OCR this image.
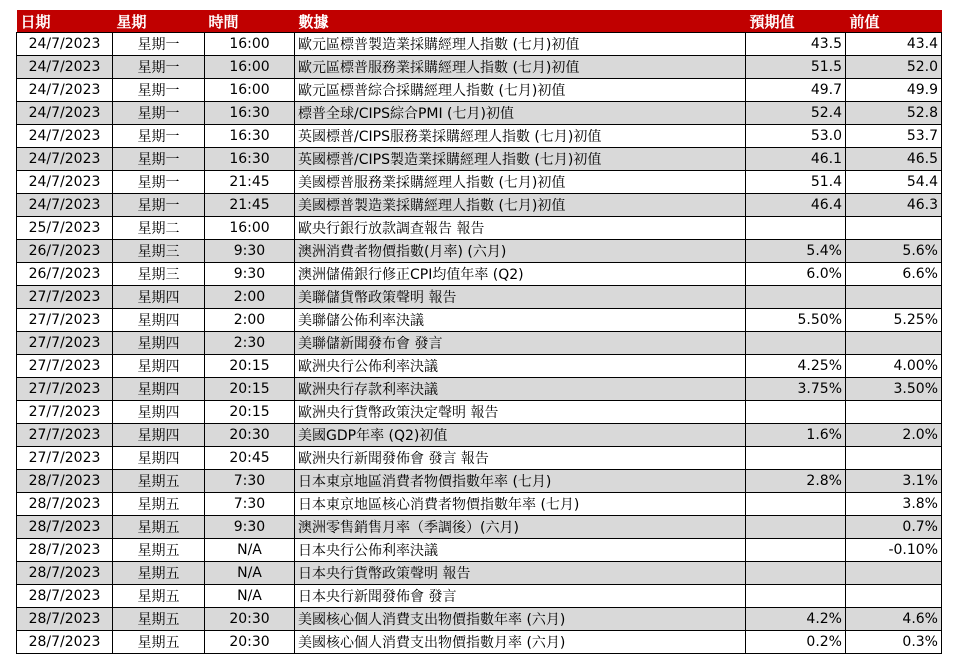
日期	星期	時間	數據	預期值	前值
24/7/2023	星期一	16:00	歐元區標普製造業採購經理人指數 (七月)初值	43.5	43.4
24/7/2023	星期一	16:00	歐元區標普服務業採購經理人指數 (七月)初值	51.5	52.0
24/7/2023	星期一	16:00	歐元區標普綜合採購經理人指數 (七月)初值	49.7	49.9
24/7/2023	星期一	16:30	標普全球/CIPS綜合PMI (七月)初值	52.4	52.8
24/7/2023	星期一	16:30	英國標普/CIPS服務業採購經理人指數 (七月)初值	53.0	53.7
24/7/2023	星期一	16:30	英國標普/CIPS製造業採購經理人指數 (七月)初值	46.1	46.5
24/7/2023	星期一	21:45	美國標普服務業採購經理人指數 (七月)初值	51.4	54.4
24/7/2023	星期一	21:45	美國標普製造業採購經理人指數 (七月)初值	46.4	46.3
25/7/2023	星期二	16:00	歐央行銀行放款調查報告 報告		
26/7/2023	星期三	9:30	澳洲消費者物價指數(月率) (六月)	5.4%	5.6%
26/7/2023	星期三	9:30	澳洲儲備銀行修正CPI均值年率 (Q2)	6.0%	6.6%
27/7/2023	星期四	2:00	美聯儲貨幣政策聲明 報告		
27/7/2023	星期四	2:00	美聯儲公佈利率決議	5.50%	5.25%
27/7/2023	星期四	2:30	美聯儲新聞發布會 發言		
27/7/2023	星期四	20:15	歐洲央行公佈利率決議	4.25%	4.00%
27/7/2023	星期四	20:15	歐洲央行存款利率決議	3.75%	3.50%
27/7/2023	星期四	20:15	歐洲央行貨幣政策決定聲明 報告		
27/7/2023	星期四	20:30	美國GDP年率 (Q2)初值	1.6%	2.0%
27/7/2023	星期四	20:45	歐洲央行新聞發佈會 發言 報告		
28/7/2023	星期五	7:30	日本東京地區消費者物價指數年率 (七月)	2.8%	3.1%
28/7/2023	星期五	7:30	日本東京地區核心消費者物價指數年率 (七月)		3.8%
28/7/2023	星期五	9:30	澳洲零售銷售月率（季調後）(六月)		0.7%
28/7/2023	星期五	N/A	日本央行公佈利率決議		-0.10%
28/7/2023	星期五	N/A	日本央行貨幣政策聲明 報告		
28/7/2023	星期五	N/A	日本央行新聞發佈會 發言		
28/7/2023	星期五	20:30	美國核心個人消費支出物價指數年率 (六月)	4.2%	4.6%
28/7/2023	星期五	20:30	美國核心個人消費支出物價指數月率 (六月)	0.2%	0.3%
